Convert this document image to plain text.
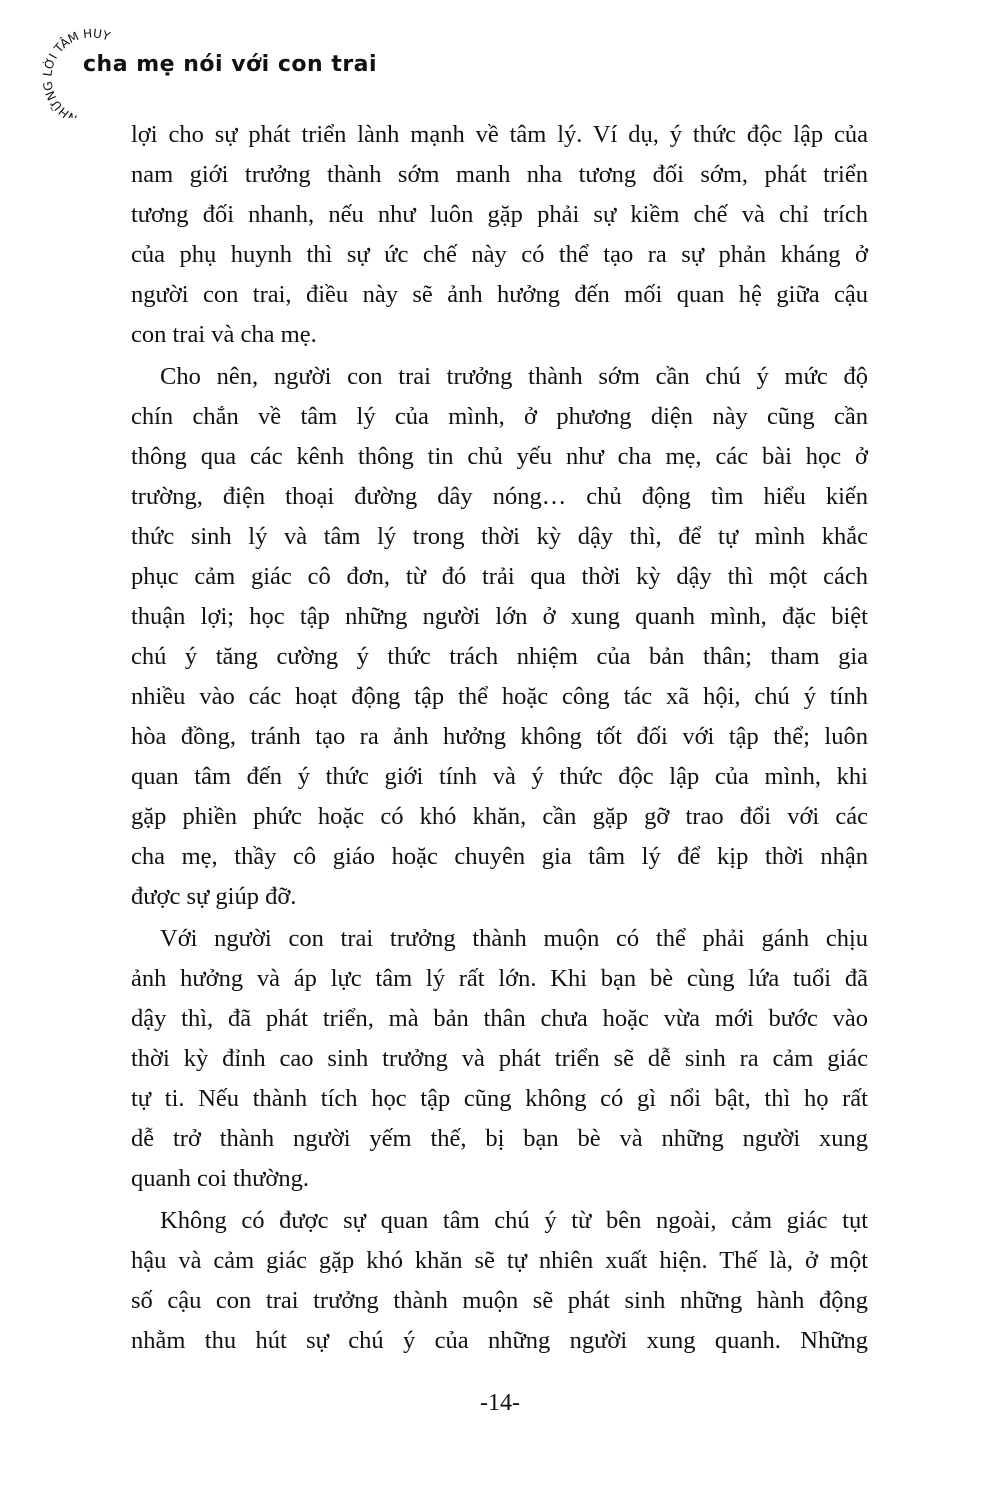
NHỮNG LỜI TÂM HUY
cha mẹ nói với con trai
lợi cho sự phát triển lành mạnh về tâm lý. Ví dụ, ý thức độc lập của
nam giới trưởng thành sớm manh nha tương đối sớm, phát triển
tương đối nhanh, nếu như luôn gặp phải sự kiềm chế và chỉ trích
của phụ huynh thì sự ức chế này có thể tạo ra sự phản kháng ở
người con trai, điều này sẽ ảnh hưởng đến mối quan hệ giữa cậu
con trai và cha mẹ.
Cho nên, người con trai trưởng thành sớm cần chú ý mức độ
chín chắn về tâm lý của mình, ở phương diện này cũng cần
thông qua các kênh thông tin chủ yếu như cha mẹ, các bài học ở
trường, điện thoại đường dây nóng… chủ động tìm hiểu kiến
thức sinh lý và tâm lý trong thời kỳ dậy thì, để tự mình khắc
phục cảm giác cô đơn, từ đó trải qua thời kỳ dậy thì một cách
thuận lợi; học tập những người lớn ở xung quanh mình, đặc biệt
chú ý tăng cường ý thức trách nhiệm của bản thân; tham gia
nhiều vào các hoạt động tập thể hoặc công tác xã hội, chú ý tính
hòa đồng, tránh tạo ra ảnh hưởng không tốt đối với tập thể; luôn
quan tâm đến ý thức giới tính và ý thức độc lập của mình, khi
gặp phiền phức hoặc có khó khăn, cần gặp gỡ trao đổi với các
cha mẹ, thầy cô giáo hoặc chuyên gia tâm lý để kịp thời nhận
được sự giúp đỡ.
Với người con trai trưởng thành muộn có thể phải gánh chịu
ảnh hưởng và áp lực tâm lý rất lớn. Khi bạn bè cùng lứa tuổi đã
dậy thì, đã phát triển, mà bản thân chưa hoặc vừa mới bước vào
thời kỳ đỉnh cao sinh trưởng và phát triển sẽ dễ sinh ra cảm giác
tự ti. Nếu thành tích học tập cũng không có gì nổi bật, thì họ rất
dễ trở thành người yếm thế, bị bạn bè và những người xung
quanh coi thường.
Không có được sự quan tâm chú ý từ bên ngoài, cảm giác tụt
hậu và cảm giác gặp khó khăn sẽ tự nhiên xuất hiện. Thế là, ở một
số cậu con trai trưởng thành muộn sẽ phát sinh những hành động
nhằm thu hút sự chú ý của những người xung quanh. Những
-14-
